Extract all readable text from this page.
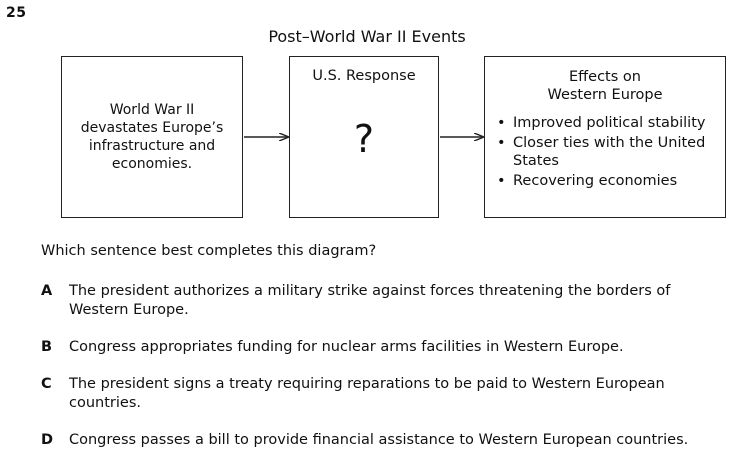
25
Post–World War II Events
World War II devastates Europe’s infrastructure and economies.
U.S. Response
?
Effects on
Western Europe
• Improved political stability
• Closer ties with the United States
• Recovering economies
Which sentence best completes this diagram?
A The president authorizes a military strike against forces threatening the borders of Western Europe.
B Congress appropriates funding for nuclear arms facilities in Western Europe.
C The president signs a treaty requiring reparations to be paid to Western European countries.
D Congress passes a bill to provide financial assistance to Western European countries.
